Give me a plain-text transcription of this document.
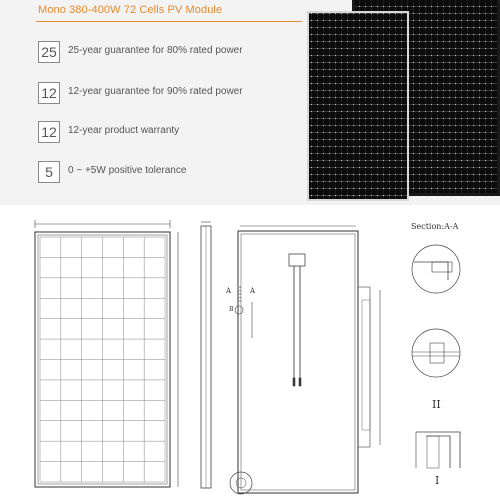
Mono 380-400W 72 Cells PV Module
25	25-year guarantee for 80% rated power
12	12-year guarantee for 90% rated power
12	12-year product warranty
5	0 ~ +5W positive tolerance
Section:A-A
A	A
B
II
I
